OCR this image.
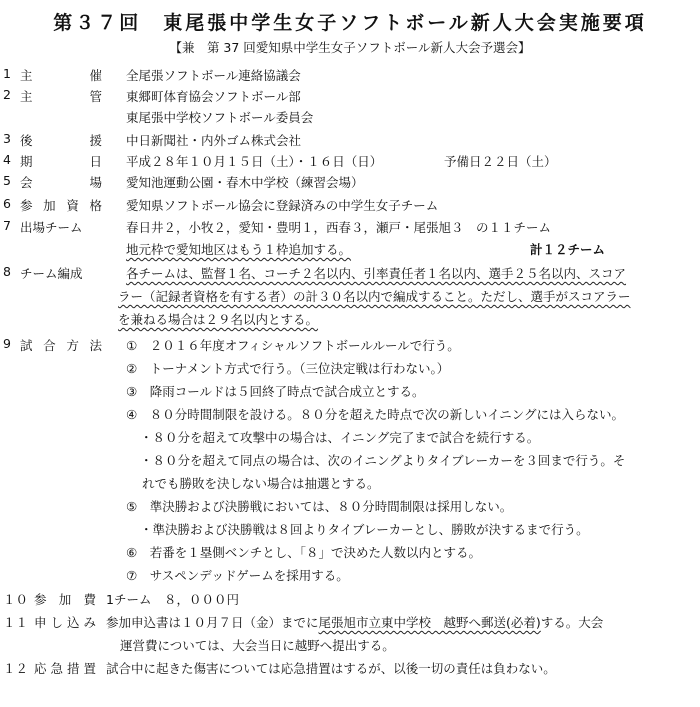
第３７回　東尾張中学生女子ソフトボール新人大会実施要項
【兼　第 37 回愛知県中学生女子ソフトボール新人大会予選会】
1 主	催 全尾張ソフトボール連絡協議会
2 主	管 東郷町体育協会ソフトボール部
東尾張中学校ソフトボール委員会
3 後	援 中日新聞社・内外ゴム株式会社
4 期	日 平成２８年１０月１５日（土）・１６日（日）	予備日２２日（土）
5 会	場 愛知池運動公園・春木中学校（練習会場）
6 参 加 資 格 愛知県ソフトボール協会に登録済みの中学生女子チーム
7 出場チーム	春日井２，小牧２，愛知・豊明１，西春３，瀬戸・尾張旭３　の１１チーム
地元枠で愛知地区はもう１枠追加する。	計１２チーム
8 チーム編成	各チームは、監督１名、コーチ２名以内、引率責任者１名以内、選手２５名以内、スコア
ラー（記録者資格を有する者）の計３０名以内で編成すること。ただし、選手がスコアラー
を兼ねる場合は２９名以内とする。
9 試 合 方 法 ①　２０１６年度オフィシャルソフトボールルールで行う。
②　トーナメント方式で行う。（三位決定戦は行わない。）
③　降雨コールドは５回終了時点で試合成立とする。
④　８０分時間制限を設ける。８０分を超えた時点で次の新しいイニングには入らない。
・８０分を超えて攻撃中の場合は、イニング完了まで試合を続行する。
・８０分を超えて同点の場合は、次のイニングよりタイブレーカーを３回まで行う。そ
れでも勝敗を決しない場合は抽選とする。
⑤　準決勝および決勝戦においては、８０分時間制限は採用しない。
・準決勝および決勝戦は８回よりタイブレーカーとし、勝敗が決するまで行う。
⑥　若番を１塁側ベンチとし、「８」で決めた人数以内とする。
⑦　サスペンデッドゲームを採用する。
１０ 参 加 費 1チーム　８，０００円
１１ 申 し 込 み 参加申込書は１０月７日（金）までに尾張旭市立東中学校　越野へ郵送(必着)する。大会
運営費については、大会当日に越野へ提出する。
１２ 応 急 措 置 試合中に起きた傷害については応急措置はするが、以後一切の責任は負わない。
